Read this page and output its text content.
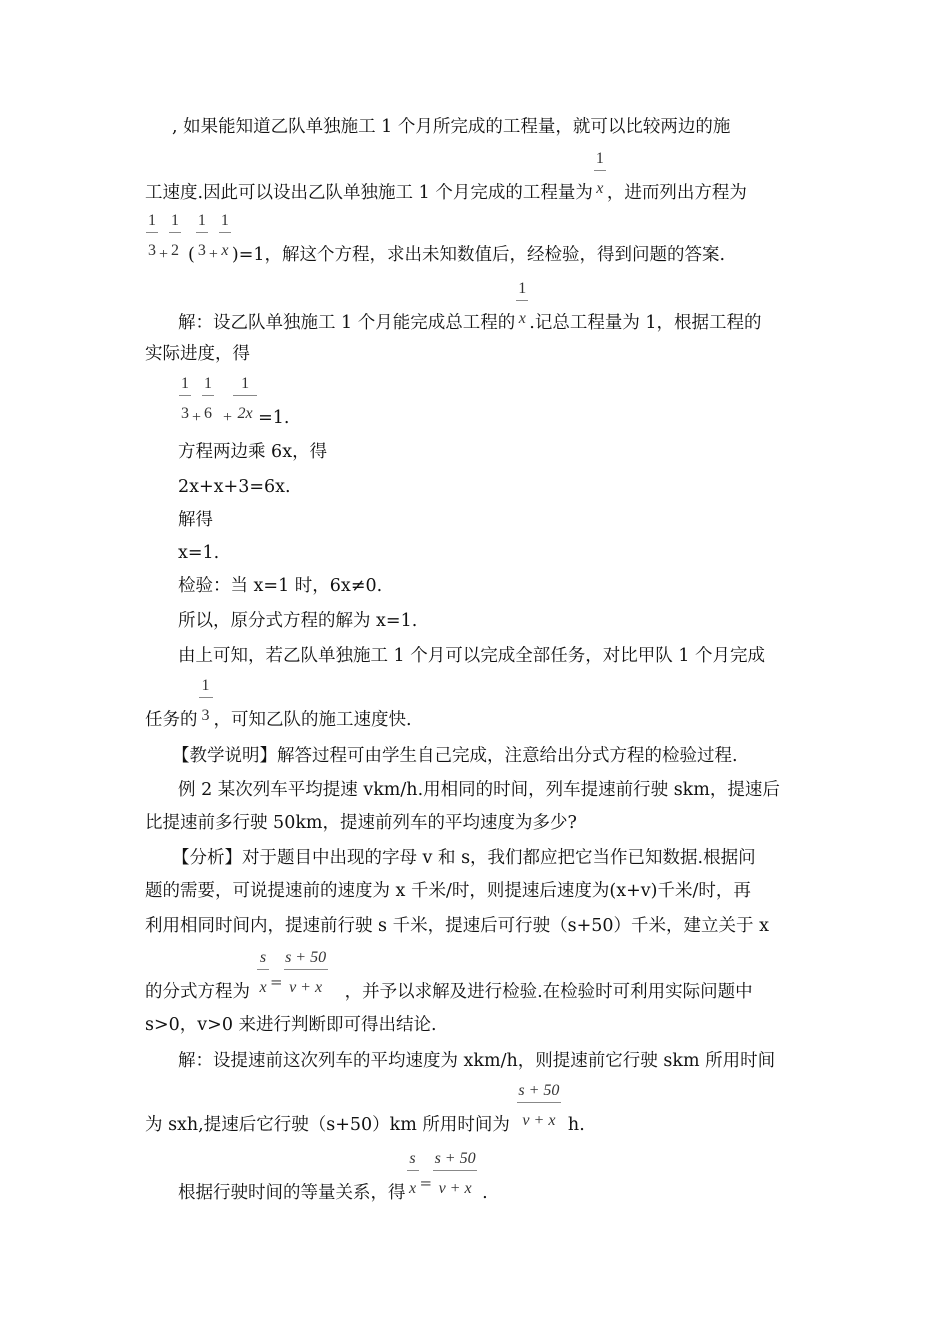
, 如果能知道乙队单独施工 1 个月所完成的工程量，就可以比较两边的施
工速度.因此可以设出乙队单独施工 1 个月完成的工程量为 $\frac{1}{x}$ ，进而列出方程为
$\frac{1}{3} + \frac{1}{2}$ ( $\frac{1}{3} + \frac{1}{x} )=1$，解这个方程，求出未知数值后，经检验，得到问题的答案.
解：设乙队单独施工 1 个月能完成总工程的 $\frac{1}{x}$ .记总工程量为 1，根据工程的
实际进度，得
$\frac{1}{3} + \frac{1}{6} + \frac{1}{2x} =1$.
方程两边乘 6x，得
2x+x+3=6x.
解得
x=1.
检验：当 x=1 时，6x≠0.
所以，原分式方程的解为 x=1.
由上可知，若乙队单独施工 1 个月可以完成全部任务，对比甲队 1 个月完成
任务的 $\frac{1}{3}$ ，可知乙队的施工速度快.
【教学说明】解答过程可由学生自己完成，注意给出分式方程的检验过程.
例 2 某次列车平均提速 vkm/h.用相同的时间，列车提速前行驶 skm，提速后
比提速前多行驶 50km，提速前列车的平均速度为多少?
【分析】对于题目中出现的字母 v 和 s，我们都应把它当作已知数据.根据问
题的需要，可说提速前的速度为 x 千米/时，则提速后速度为(x+v)千米/时，再
利用相同时间内，提速前行驶 s 千米，提速后可行驶（s+50）千米，建立关于 x
的分式方程为 $\frac{s}{x} = \frac{s + 50}{v + x}$ ，并予以求解及进行检验.在检验时可利用实际问题中
s>0，v>0 来进行判断即可得出结论.
解：设提速前这次列车的平均速度为 xkm/h，则提速前它行驶 skm 所用时间
为 sxh,提速后它行驶（s+50）km 所用时间为 $\frac{s + 50}{v + x} h$.
根据行驶时间的等量关系，得 $\frac{s}{x} = \frac{s + 50}{v + x}$ .
